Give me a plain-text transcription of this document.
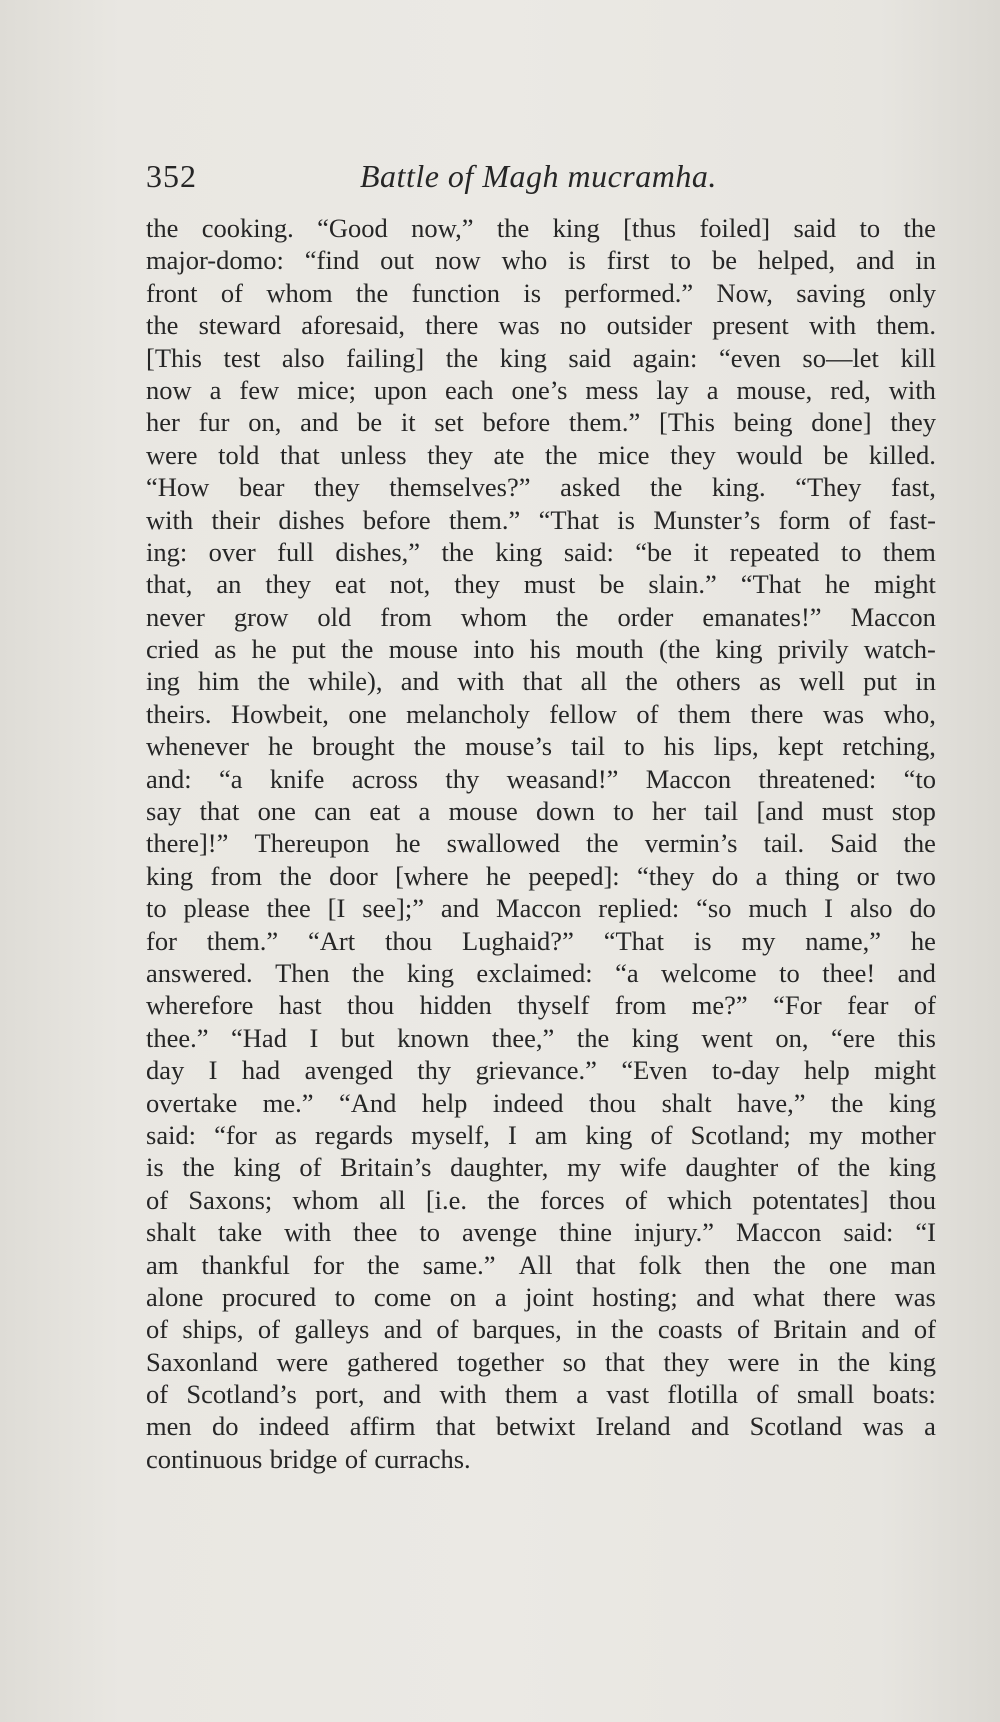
352	Battle of Magh mucramha.
the cooking. “Good now,” the king [thus foiled] said to the
major-domo: “find out now who is first to be helped, and in
front of whom the function is performed.” Now, saving only
the steward aforesaid, there was no outsider present with them.
[This test also failing] the king said again: “even so—let kill
now a few mice; upon each one’s mess lay a mouse, red, with
her fur on, and be it set before them.” [This being done] they
were told that unless they ate the mice they would be killed.
“How bear they themselves?” asked the king. “They fast,
with their dishes before them.” “That is Munster’s form of fast-
ing: over full dishes,” the king said: “be it repeated to them
that, an they eat not, they must be slain.” “That he might
never grow old from whom the order emanates!” Maccon
cried as he put the mouse into his mouth (the king privily watch-
ing him the while), and with that all the others as well put in
theirs. Howbeit, one melancholy fellow of them there was who,
whenever he brought the mouse’s tail to his lips, kept retching,
and: “a knife across thy weasand!” Maccon threatened: “to
say that one can eat a mouse down to her tail [and must stop
there]!” Thereupon he swallowed the vermin’s tail. Said the
king from the door [where he peeped]: “they do a thing or two
to please thee [I see];” and Maccon replied: “so much I also do
for them.” “Art thou Lughaid?” “That is my name,” he
answered. Then the king exclaimed: “a welcome to thee! and
wherefore hast thou hidden thyself from me?” “For fear of
thee.” “Had I but known thee,” the king went on, “ere this
day I had avenged thy grievance.” “Even to-day help might
overtake me.” “And help indeed thou shalt have,” the king
said: “for as regards myself, I am king of Scotland; my mother
is the king of Britain’s daughter, my wife daughter of the king
of Saxons; whom all [i.e. the forces of which potentates] thou
shalt take with thee to avenge thine injury.” Maccon said: “I
am thankful for the same.” All that folk then the one man
alone procured to come on a joint hosting; and what there was
of ships, of galleys and of barques, in the coasts of Britain and of
Saxonland were gathered together so that they were in the king
of Scotland’s port, and with them a vast flotilla of small boats:
men do indeed affirm that betwixt Ireland and Scotland was a
continuous bridge of currachs.
